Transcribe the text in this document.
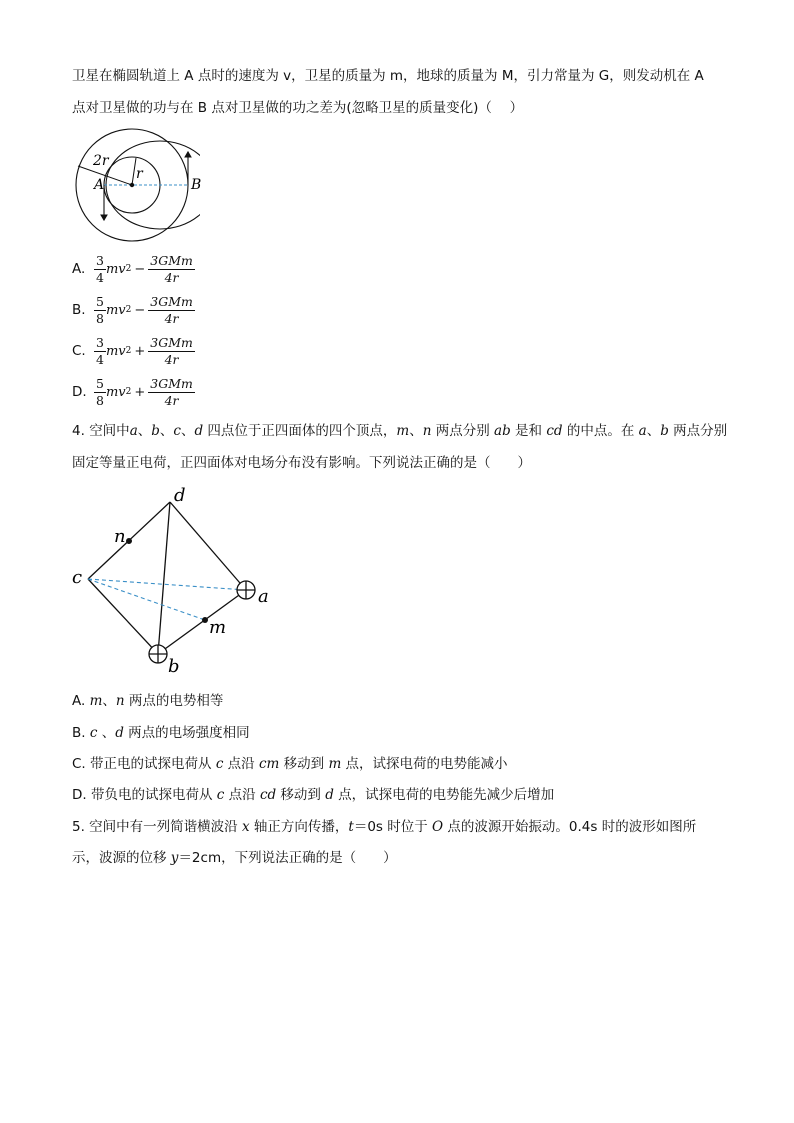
卫星在椭圆轨道上 A 点时的速度为 v，卫星的质量为 m，地球的质量为 M，引力常量为 G，则发动机在 A
点对卫星做的功与在 B 点对卫星做的功之差为(忽略卫星的质量变化)（　 ）
2r
r
A	B
A. $\frac{3}{4}$ mv $2 - \frac{\text{3GMm}}{4r}$
B. $\frac{5}{8}$ mv $2 - \frac{\text{3GMm}}{4r}$
C. $\frac{3}{4}$ mv $2 + \frac{\text{3GMm}}{4r}$
D. $\frac{5}{8}$ mv $2 + \frac{\text{3GMm}}{4r}$
4. 空间中a、b、c、d 四点位于正四面体的四个顶点，m、n 两点分别 ab 是和 cd 的中点。在 a、b 两点分别
固定等量正电荷，正四面体对电场分布没有影响。下列说法正确的是（　　）
d
n
c
a
m
b
A. m、n 两点的电势相等
B. c 、d 两点的电场强度相同
C. 带正电的试探电荷从 c 点沿 cm 移动到 m 点，试探电荷的电势能减小
D. 带负电的试探电荷从 c 点沿 cd 移动到 d 点，试探电荷的电势能先减少后增加
5. 空间中有一列简谐横波沿 x 轴正方向传播，t＝0s 时位于 O 点的波源开始振动。0.4s 时的波形如图所
示，波源的位移 y＝2cm，下列说法正确的是（　　）
